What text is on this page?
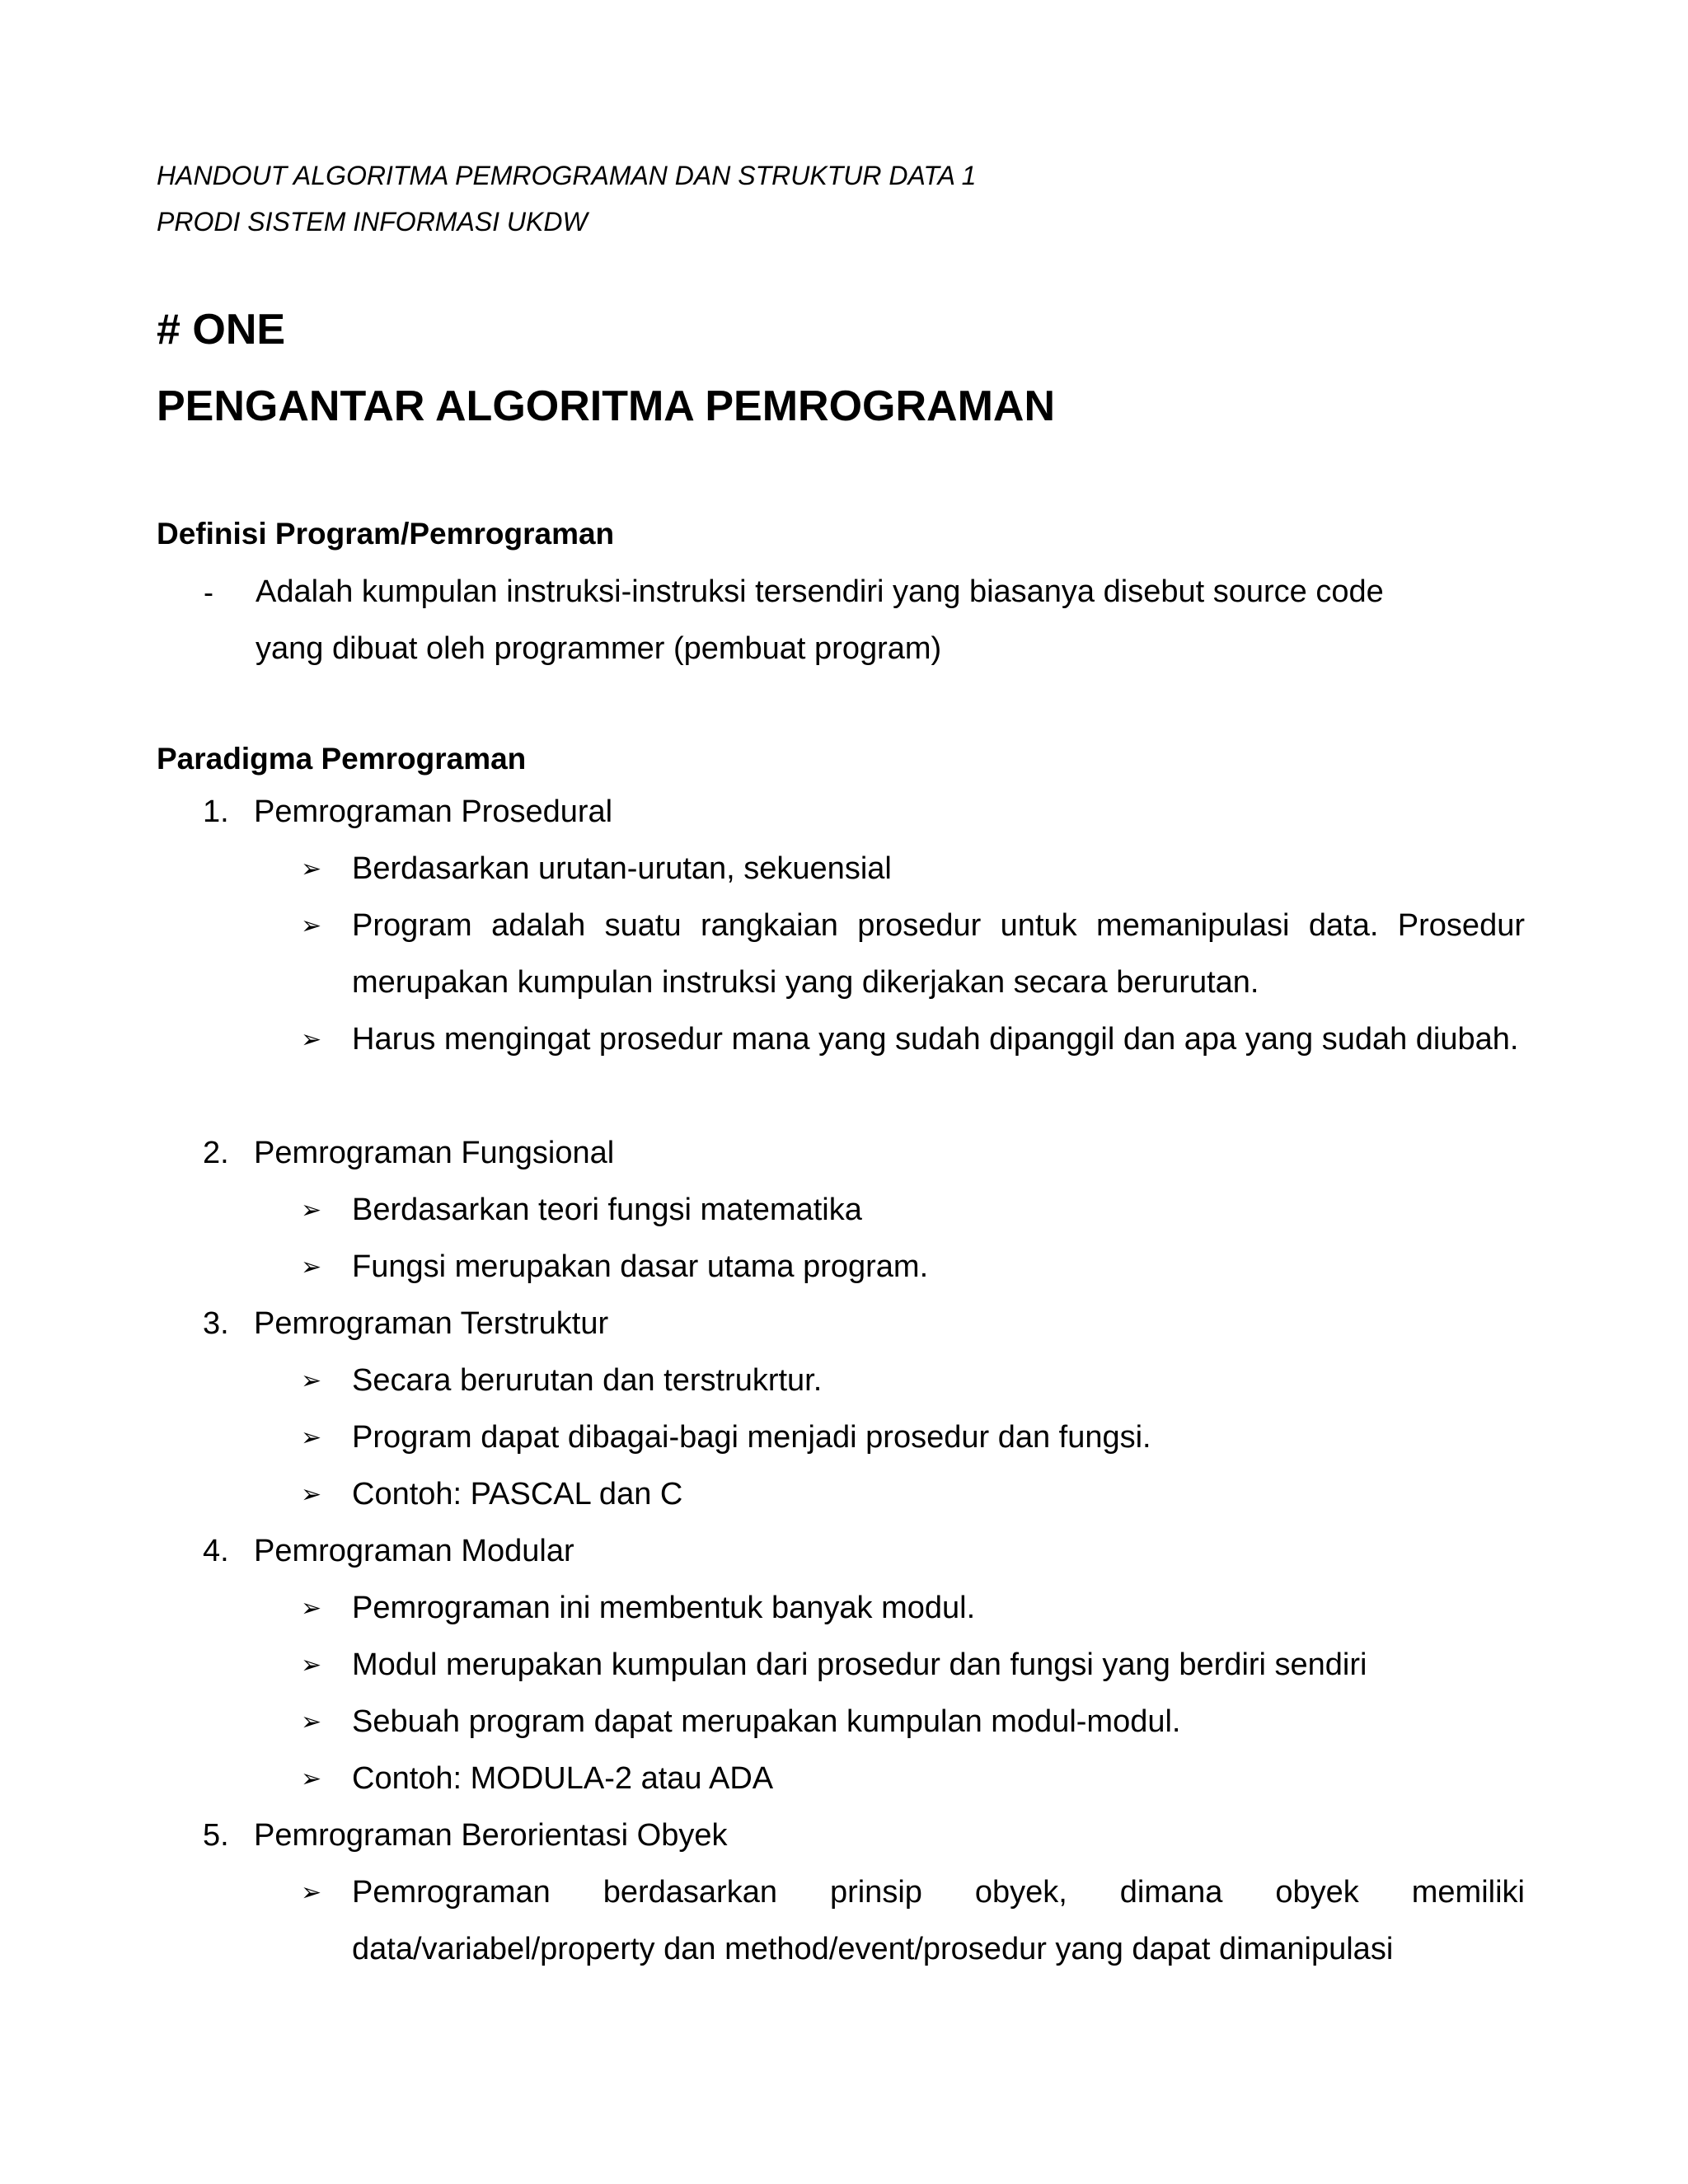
HANDOUT ALGORITMA PEMROGRAMAN DAN STRUKTUR DATA 1

PRODI SISTEM INFORMASI UKDW

# ONE

PENGANTAR ALGORITMA PEMROGRAMAN

Definisi Program/Pemrograman

-	Adalah kumpulan instruksi-instruksi tersendiri yang biasanya disebut source code yang dibuat oleh programmer (pembuat program)

Paradigma Pemrograman

1. Pemrograman Prosedural
➢ Berdasarkan urutan-urutan, sekuensial
➢ Program adalah suatu rangkaian prosedur untuk memanipulasi data. Prosedur merupakan kumpulan instruksi yang dikerjakan secara berurutan.
➢ Harus mengingat prosedur mana yang sudah dipanggil dan apa yang sudah diubah.
2. Pemrograman Fungsional
➢ Berdasarkan teori fungsi matematika
➢ Fungsi merupakan dasar utama program.
3. Pemrograman Terstruktur
➢ Secara berurutan dan terstrukrtur.
➢ Program dapat dibagai-bagi menjadi prosedur dan fungsi.
➢ Contoh: PASCAL dan C
4. Pemrograman Modular
➢ Pemrograman ini membentuk banyak modul.
➢ Modul merupakan kumpulan dari prosedur dan fungsi yang berdiri sendiri
➢ Sebuah program dapat merupakan kumpulan modul-modul.
➢ Contoh: MODULA-2 atau ADA
5. Pemrograman Berorientasi Obyek
➢ Pemrograman berdasarkan prinsip obyek, dimana obyek memiliki data/variabel/property dan method/event/prosedur yang dapat dimanipulasi
